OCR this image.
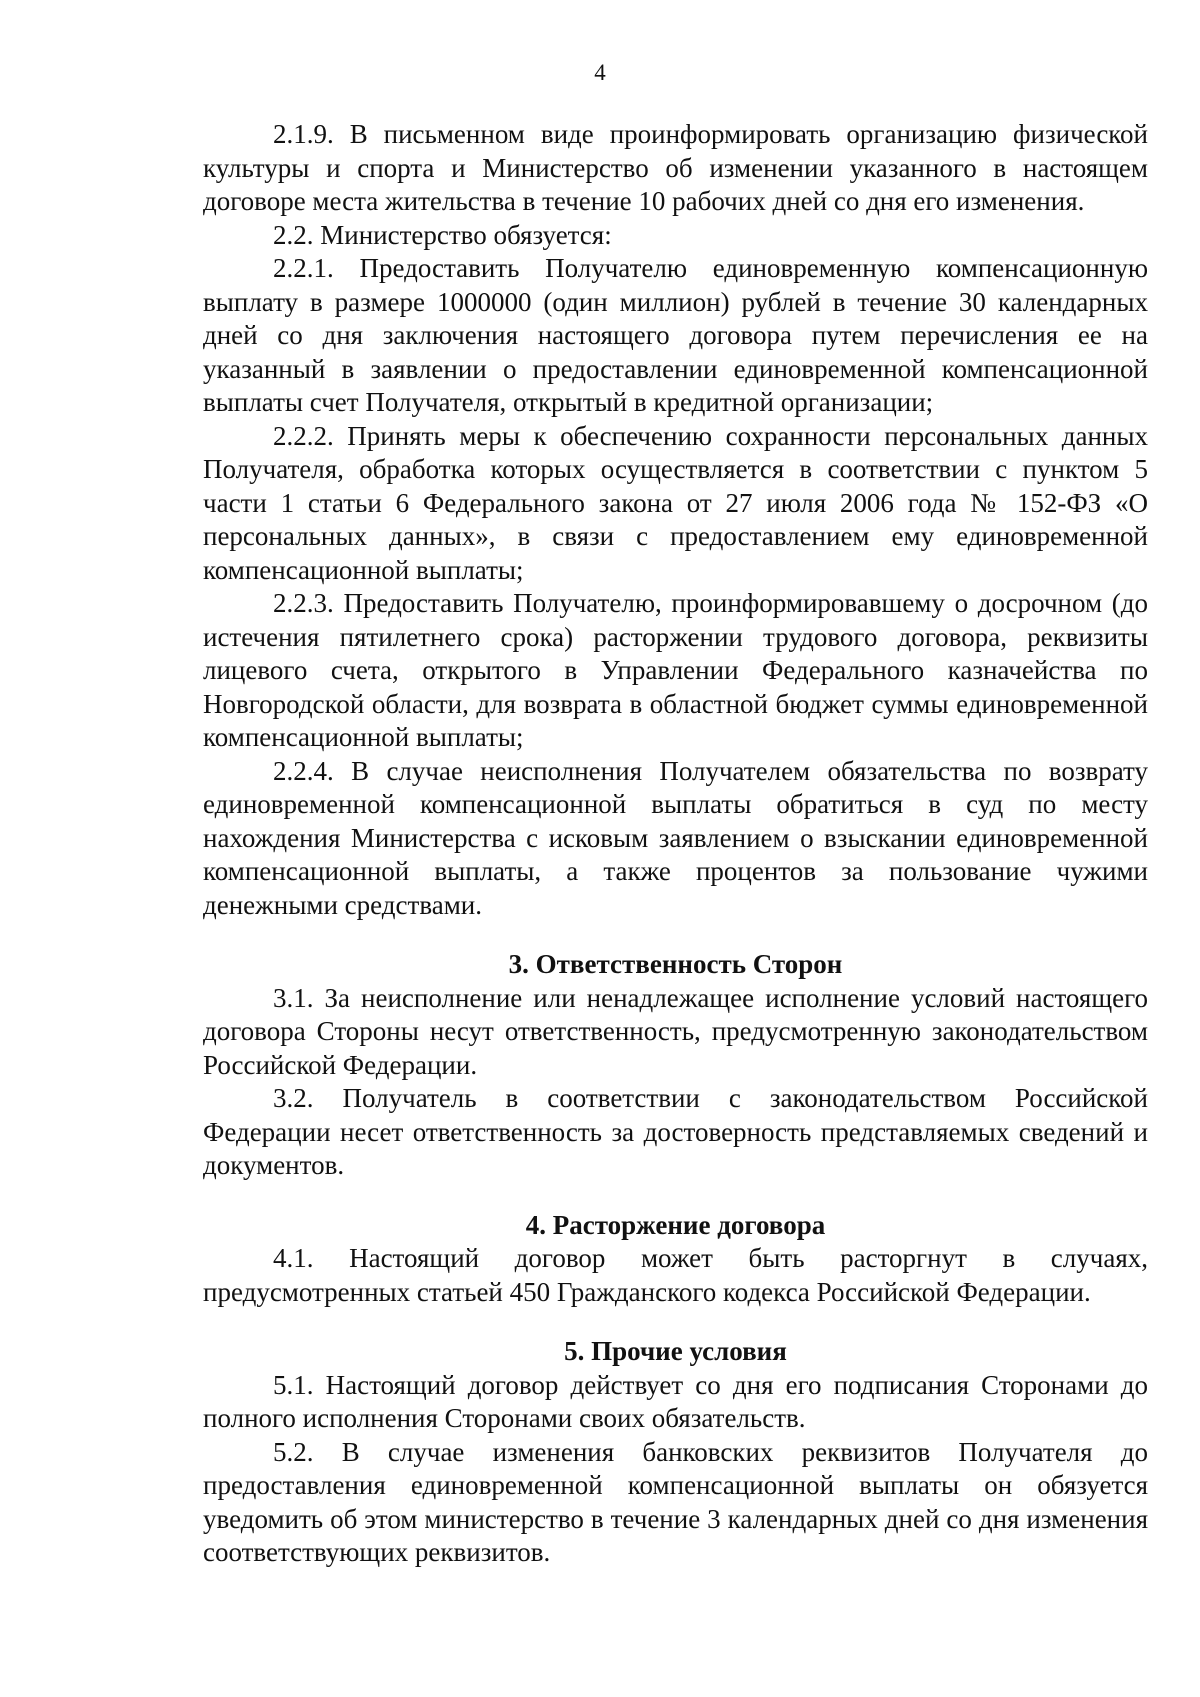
4

2.1.9. В письменном виде проинформировать организацию физической культуры и спорта и Министерство об изменении указанного в настоящем договоре места жительства в течение 10 рабочих дней со дня его изменения.

2.2. Министерство обязуется:

2.2.1. Предоставить Получателю единовременную компенсационную выплату в размере 1000000 (один миллион) рублей в течение 30 календарных дней со дня заключения настоящего договора путем перечисления ее на указанный в заявлении о предоставлении единовременной компенсационной выплаты счет Получателя, открытый в кредитной организации;

2.2.2. Принять меры к обеспечению сохранности персональных данных Получателя, обработка которых осуществляется в соответствии с пунктом 5 части 1 статьи 6 Федерального закона от 27 июля 2006 года № 152-ФЗ «О персональных данных», в связи с предоставлением ему единовременной компенсационной выплаты;

2.2.3. Предоставить Получателю, проинформировавшему о досрочном (до истечения пятилетнего срока) расторжении трудового договора, реквизиты лицевого счета, открытого в Управлении Федерального казначейства по Новгородской области, для возврата в областной бюджет суммы единовременной компенсационной выплаты;

2.2.4. В случае неисполнения Получателем обязательства по возврату единовременной компенсационной выплаты обратиться в суд по месту нахождения Министерства с исковым заявлением о взыскании единовременной компенсационной выплаты, а также процентов за пользование чужими денежными средствами.

3. Ответственность Сторон

3.1. За неисполнение или ненадлежащее исполнение условий настоящего договора Стороны несут ответственность, предусмотренную законодательством Российской Федерации.

3.2. Получатель в соответствии с законодательством Российской Федерации несет ответственность за достоверность представляемых сведений и документов.

4. Расторжение договора

4.1. Настоящий договор может быть расторгнут в случаях, предусмотренных статьей 450 Гражданского кодекса Российской Федерации.

5. Прочие условия

5.1. Настоящий договор действует со дня его подписания Сторонами до полного исполнения Сторонами своих обязательств.

5.2. В случае изменения банковских реквизитов Получателя до предоставления единовременной компенсационной выплаты он обязуется уведомить об этом министерство в течение 3 календарных дней со дня изменения соответствующих реквизитов.
